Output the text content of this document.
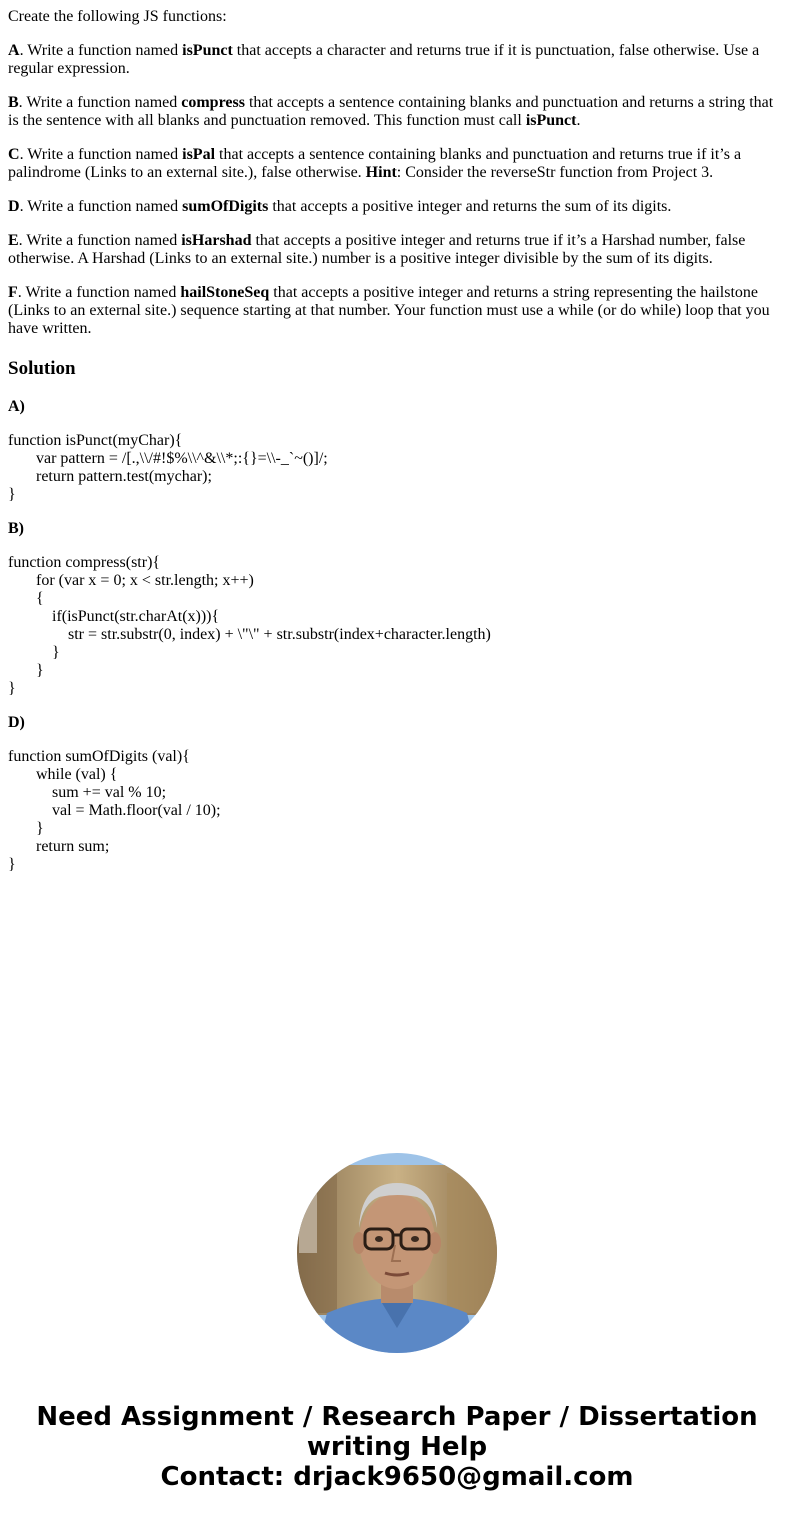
Create the following JS functions:

A. Write a function named isPunct that accepts a character and returns true if it is punctuation, false otherwise. Use a regular expression.

B. Write a function named compress that accepts a sentence containing blanks and punctuation and returns a string that is the sentence with all blanks and punctuation removed. This function must call isPunct.

C. Write a function named isPal that accepts a sentence containing blanks and punctuation and returns true if it’s a palindrome (Links to an external site.), false otherwise. Hint: Consider the reverseStr function from Project 3.

D. Write a function named sumOfDigits that accepts a positive integer and returns the sum of its digits.

E. Write a function named isHarshad that accepts a positive integer and returns true if it’s a Harshad number, false otherwise. A Harshad (Links to an external site.) number is a positive integer divisible by the sum of its digits.

F. Write a function named hailStoneSeq that accepts a positive integer and returns a string representing the hailstone (Links to an external site.) sequence starting at that number. Your function must use a while (or do while) loop that you have written.

Solution
A)
function isPunct(myChar){
var pattern = /[.,\\/#!$%\\^&\\*;:{}=\\-_`~()]/;
return pattern.test(mychar);
}
B)
function compress(str){
for (var x = 0; x < str.length; x++)
{
if(isPunct(str.charAt(x))){
str = str.substr(0, index) + \"\" + str.substr(index+character.length)
}
}
}
D)
function sumOfDigits (val){
while (val) {
sum += val % 10;
val = Math.floor(val / 10);
}
return sum;
}
Need Assignment / Research Paper / Dissertation
writing Help
Contact: drjack9650@gmail.com
